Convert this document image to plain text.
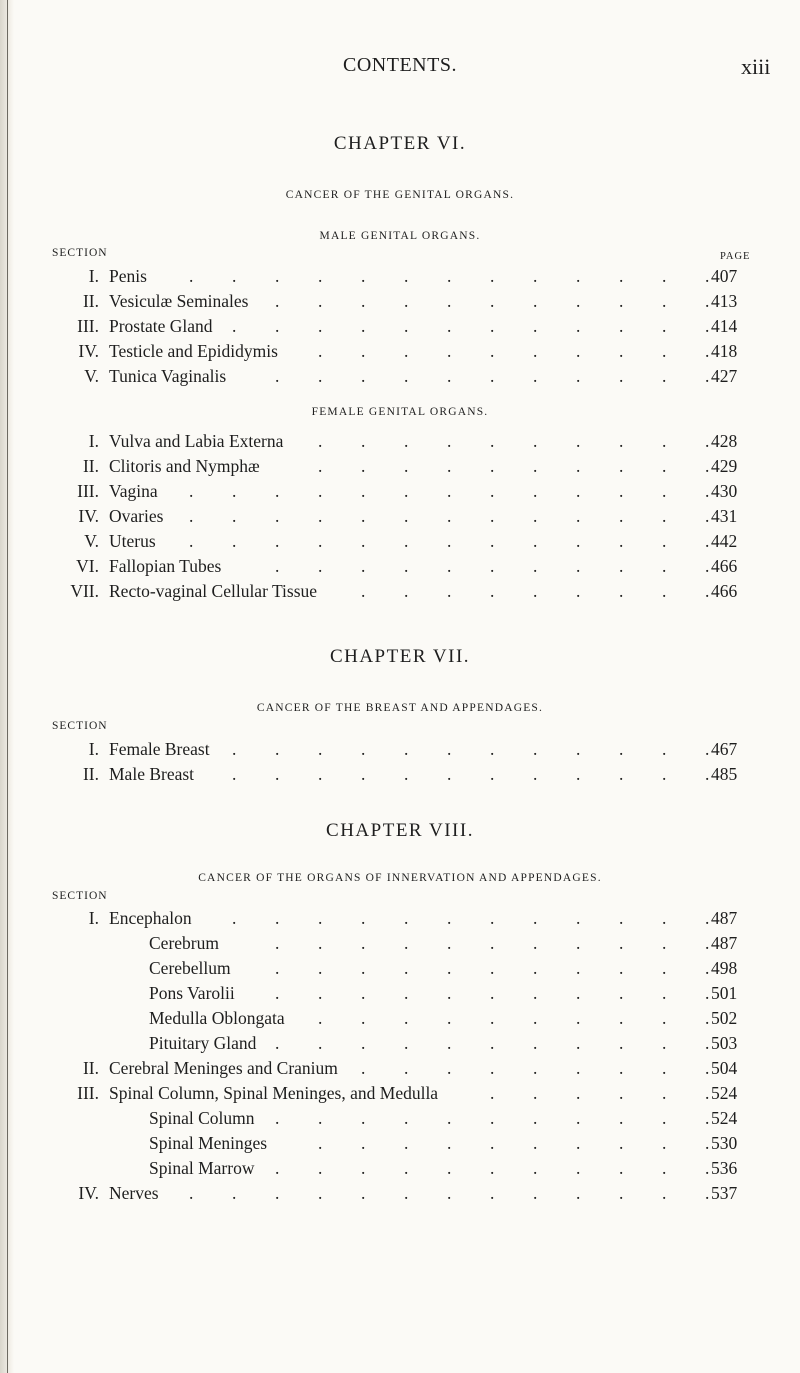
CONTENTS.	xiii
CHAPTER VI.
CANCER OF THE GENITAL ORGANS.
MALE GENITAL ORGANS.
SECTION	PAGE
I. Penis	407
.
.
.
.
.
.
.
.
.
.
.
.
.
II. Vesiculæ Seminales	413
.
.
.
.
.
.
.
.
.
.
.
III. Prostate Gland	414
.
.
.
.
.
.
.
.
.
.
.
.
IV. Testicle and Epididymis	418
.
.
.
.
.
.
.
.
.
.
V. Tunica Vaginalis	427
.
.
.
.
.
.
.
.
.
.
.
FEMALE GENITAL ORGANS.
I. Vulva and Labia Externa	428
.
.
.
.
.
.
.
.
.
.
II. Clitoris and Nymphæ	429
.
.
.
.
.
.
.
.
.
.
III. Vagina	430
.
.
.
.
.
.
.
.
.
.
.
.
.
IV. Ovaries	431
.
.
.
.
.
.
.
.
.
.
.
.
.
V. Uterus	442
.
.
.
.
.
.
.
.
.
.
.
.
.
VI. Fallopian Tubes	466
.
.
.
.
.
.
.
.
.
.
.
VII. Recto-vaginal Cellular Tissue	466
.
.
.
.
.
.
.
.
.
CHAPTER VII.
CANCER OF THE BREAST AND APPENDAGES.
SECTION
I. Female Breast	467
.
.
.
.
.
.
.
.
.
.
.
.
II. Male Breast	485
.
.
.
.
.
.
.
.
.
.
.
.
CHAPTER VIII.
CANCER OF THE ORGANS OF INNERVATION AND APPENDAGES.
SECTION
I. Encephalon	487
.
.
.
.
.
.
.
.
.
.
.
.
Cerebrum	487
.
.
.
.
.
.
.
.
.
.
.
Cerebellum	498
.
.
.
.
.
.
.
.
.
.
.
Pons Varolii	501
.
.
.
.
.
.
.
.
.
.
.
Medulla Oblongata	502
.
.
.
.
.
.
.
.
.
.
Pituitary Gland	503
.
.
.
.
.
.
.
.
.
.
.
II. Cerebral Meninges and Cranium	504
.
.
.
.
.
.
.
.
.
III. Spinal Column, Spinal Meninges, and Medulla	524
.
.
.
.
.
.
Spinal Column	524
.
.
.
.
.
.
.
.
.
.
.
Spinal Meninges	530
.
.
.
.
.
.
.
.
.
.
Spinal Marrow	536
.
.
.
.
.
.
.
.
.
.
.
IV. Nerves	537
.
.
.
.
.
.
.
.
.
.
.
.
.
